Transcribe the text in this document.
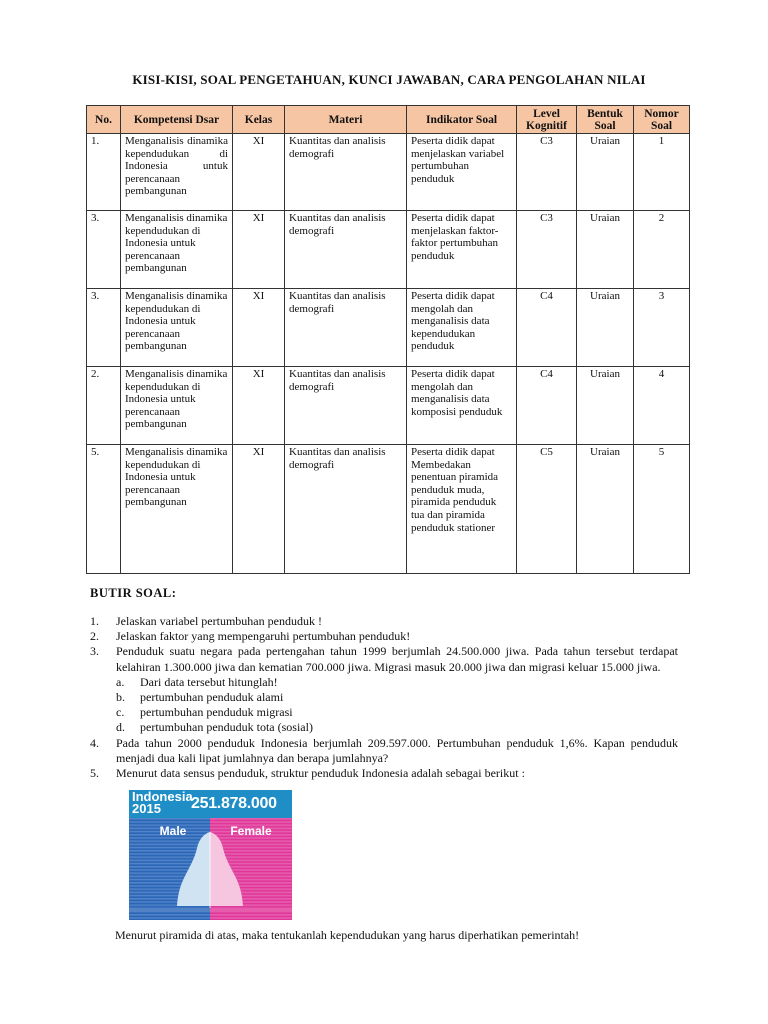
KISI-KISI, SOAL PENGETAHUAN, KUNCI JAWABAN, CARA PENGOLAHAN NILAI
No.	Kompetensi Dsar	Kelas	Materi	Indikator Soal	Level Kognitif	Bentuk Soal	Nomor Soal
1.	Menganalisis dinamika kependudukan di Indonesia untuk perencanaan pembangunan	XI	Kuantitas dan analisis demografi	Peserta didik dapat menjelaskan variabel pertumbuhan penduduk	C3	Uraian	1
3.	Menganalisis dinamika kependudukan di Indonesia untuk perencanaan pembangunan	XI	Kuantitas dan analisis demografi	Peserta didik dapat menjelaskan faktor-faktor pertumbuhan penduduk	C3	Uraian	2
3.	Menganalisis dinamika kependudukan di Indonesia untuk perencanaan pembangunan	XI	Kuantitas dan analisis demografi	Peserta didik dapat mengolah dan menganalisis data kependudukan penduduk	C4	Uraian	3
2.	Menganalisis dinamika kependudukan di Indonesia untuk perencanaan pembangunan	XI	Kuantitas dan analisis demografi	Peserta didik dapat mengolah dan menganalisis data komposisi penduduk	C4	Uraian	4
5.	Menganalisis dinamika kependudukan di Indonesia untuk perencanaan pembangunan	XI	Kuantitas dan analisis demografi	Peserta didik dapat Membedakan penentuan piramida penduduk muda, piramida penduduk tua dan piramida penduduk stationer	C5	Uraian	5
BUTIR SOAL:
1. Jelaskan variabel pertumbuhan penduduk !
2. Jelaskan faktor yang mempengaruhi pertumbuhan penduduk!
3. Penduduk suatu negara pada pertengahan tahun 1999 berjumlah 24.500.000 jiwa. Pada tahun tersebut terdapat kelahiran 1.300.000 jiwa dan kematian 700.000 jiwa. Migrasi masuk 20.000 jiwa dan migrasi keluar 15.000 jiwa.
a. Dari data tersebut hitunglah!
b. pertumbuhan penduduk alami
c. pertumbuhan penduduk migrasi
d. pertumbuhan penduduk tota (sosial)
4. Pada tahun 2000 penduduk Indonesia berjumlah 209.597.000. Pertumbuhan penduduk 1,6%. Kapan penduduk menjadi dua kali lipat jumlahnya dan berapa jumlahnya?
5. Menurut data sensus penduduk, struktur penduduk Indonesia adalah sebagai berikut :
Indonesia
2015 251.878.000
Male	Female
Menurut piramida di atas, maka tentukanlah kependudukan yang harus diperhatikan pemerintah!
